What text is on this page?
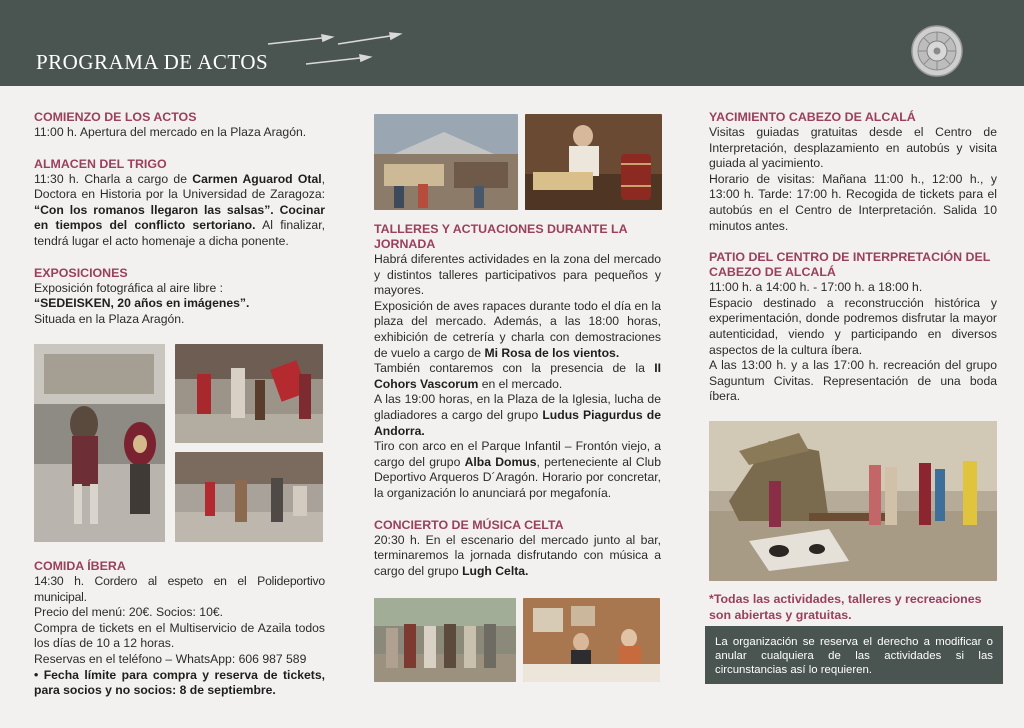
PROGRAMA DE ACTOS
COMIENZO DE LOS ACTOS

11:00 h. Apertura del mercado en la Plaza Aragón.

ALMACEN DEL TRIGO

11:30 h. Charla a cargo de Carmen Aguarod Otal, Doctora en Historia por la Universidad de Zaragoza: “Con los romanos llegaron las salsas”. Cocinar en tiempos del conflicto sertoriano. Al finalizar, tendrá lugar el acto homenaje a dicha ponente.

EXPOSICIONES

Exposición fotográfica al aire libre :

“SEDEISKEN, 20 años en imágenes”.

Situada en la Plaza Aragón.

COMIDA ÍBERA

14:30 h. Cordero al espeto en el Polideportivo municipal.

Precio del menú: 20€. Socios: 10€.

Compra de tickets en el Multiservicio de Azaila todos los días de 10 a 12 horas.

Reservas en el teléfono – WhatsApp: 606 987 589

• Fecha límite para compra y reserva de tickets, para socios y no socios: 8 de septiembre.

TALLERES Y ACTUACIONES DURANTE LA JORNADA

Habrá diferentes actividades en la zona del mercado y distintos talleres participativos para pequeños y mayores.

Exposición de aves rapaces durante todo el día en la plaza del mercado. Además, a las 18:00 horas, exhibición de cetrería y charla con demostraciones de vuelo a cargo de Mi Rosa de los vientos.

También contaremos con la presencia de la II Cohors Vascorum en el mercado.

A las 19:00 horas, en la Plaza de la Iglesia, lucha de gladiadores a cargo del grupo Ludus Piagurdus de Andorra.

Tiro con arco en el Parque Infantil – Frontón viejo, a cargo del grupo Alba Domus, perteneciente al Club Deportivo Arqueros D´Aragón. Horario por concretar, la organización lo anunciará por megafonía.

CONCIERTO DE MÚSICA CELTA

20:30 h. En el escenario del mercado junto al bar, terminaremos la jornada disfrutando con música a cargo del grupo Lugh Celta.

YACIMIENTO CABEZO DE ALCALÁ

Visitas guiadas gratuitas desde el Centro de Interpretación, desplazamiento en autobús y visita guiada al yacimiento.

Horario de visitas: Mañana 11:00 h., 12:00 h., y 13:00 h. Tarde: 17:00 h. Recogida de tickets para el autobús en el Centro de Interpretación. Salida 10 minutos antes.

PATIO DEL CENTRO DE INTERPRETACIÓN DEL CABEZO DE ALCALÁ

11:00 h. a 14:00 h. - 17:00 h. a 18:00 h.

Espacio destinado a reconstrucción histórica y experimentación, donde podremos disfrutar la mayor autenticidad, viendo y participando en diversos aspectos de la cultura íbera.

A las 13:00 h. y a las 17:00 h. recreación del grupo Saguntum Civitas. Representación de una boda íbera.

*Todas las actividades, talleres y recreaciones son abiertas y gratuitas.
La organización se reserva el derecho a modificar o anular cualquiera de las actividades si las circunstancias así lo requieren.
